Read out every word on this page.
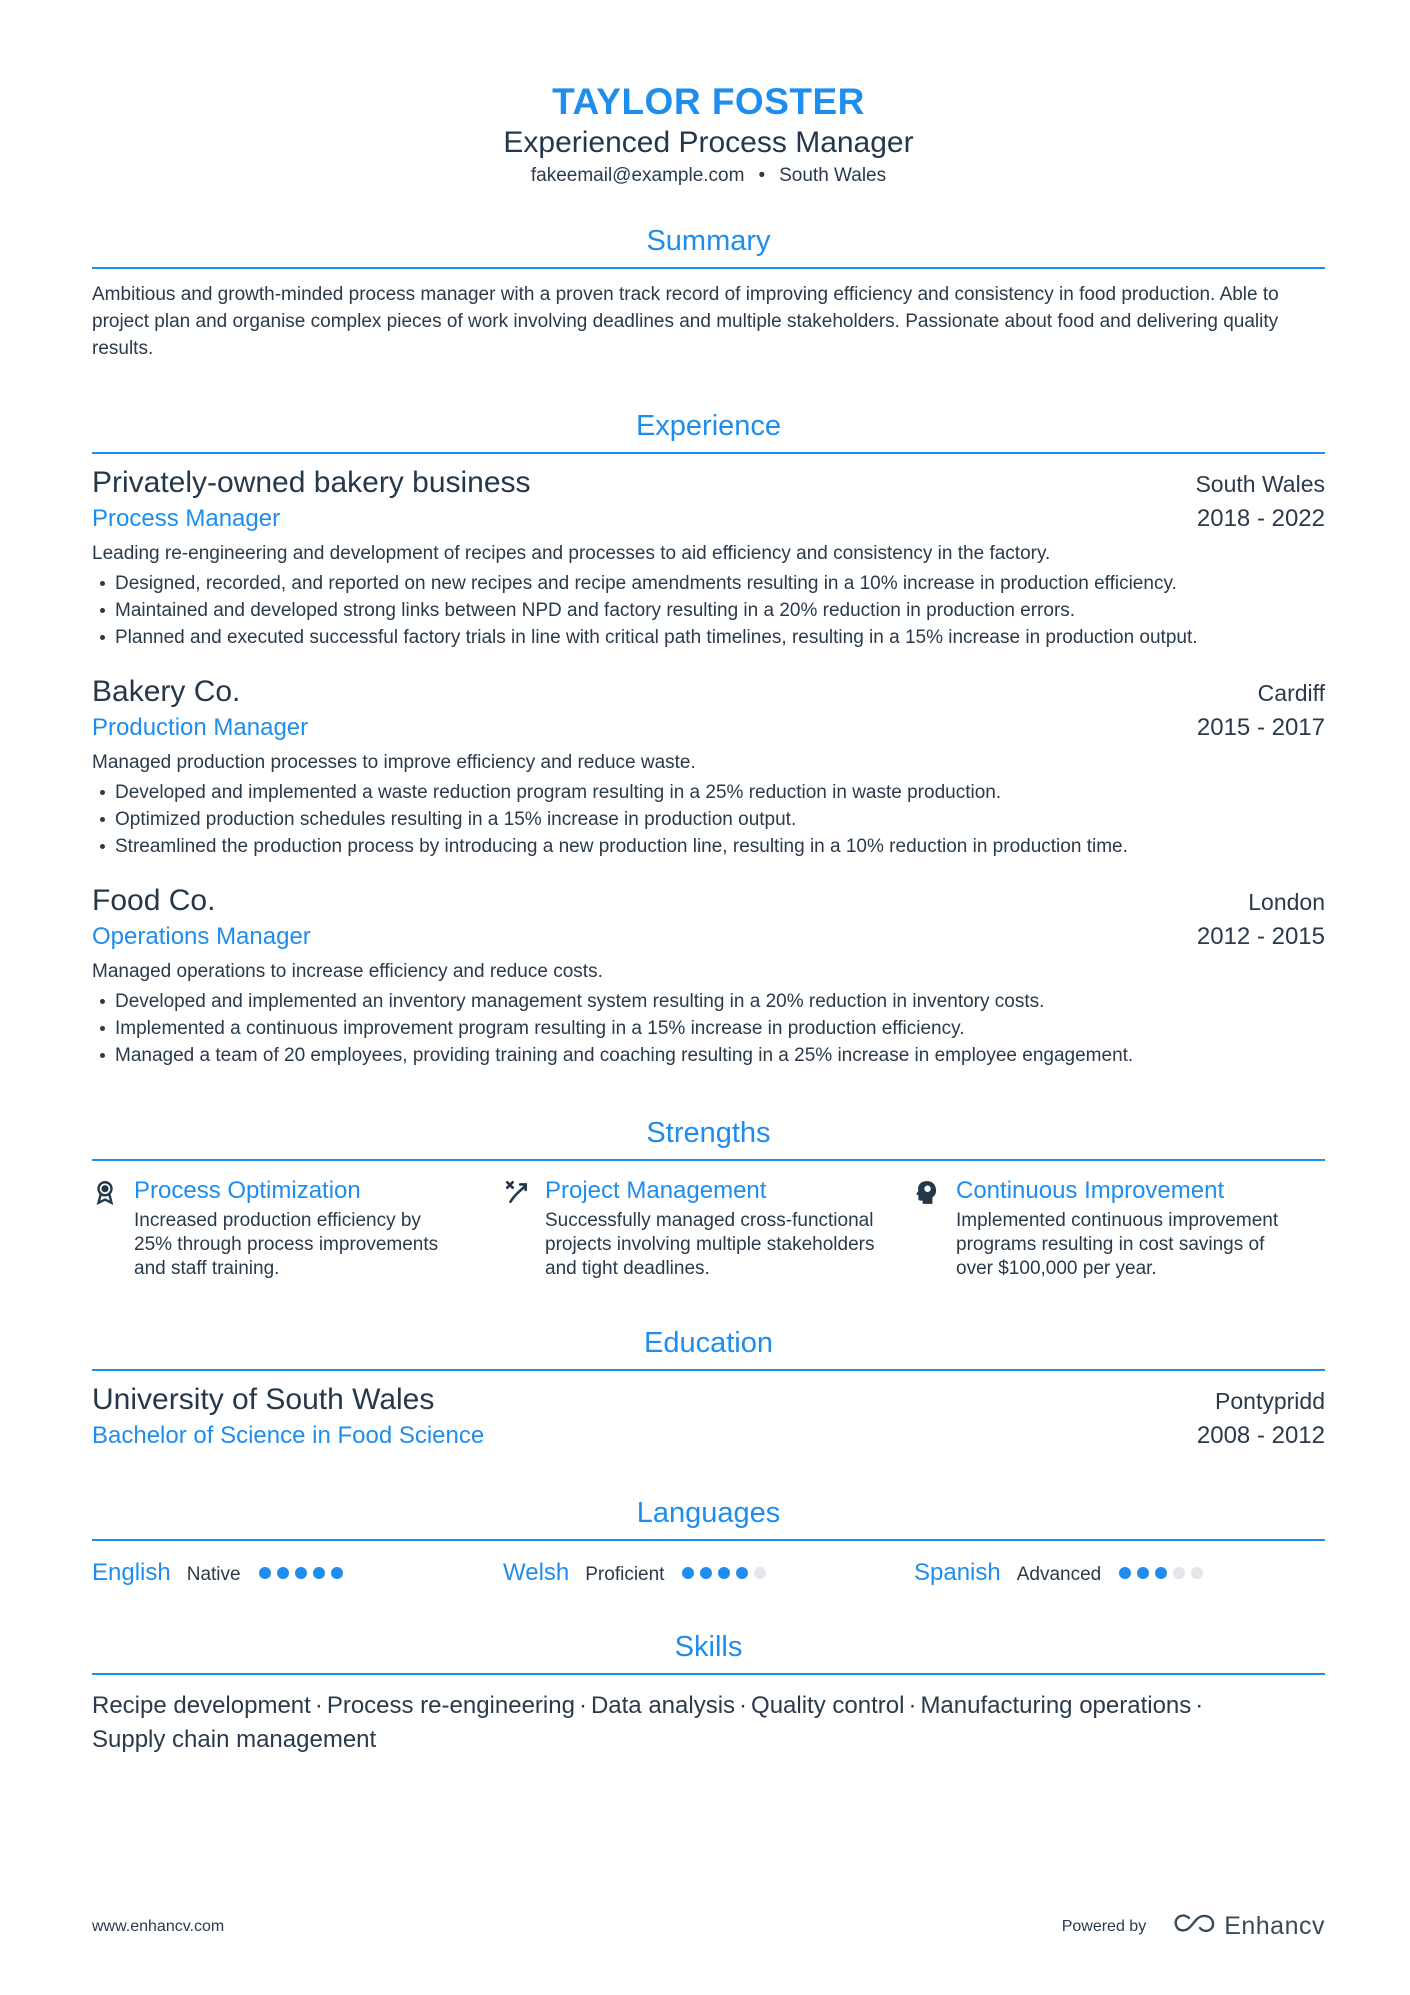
TAYLOR FOSTER
Experienced Process Manager
fakeemail@example.com • South Wales
Summary
Ambitious and growth-minded process manager with a proven track record of improving efficiency and consistency in food production. Able to project plan and organise complex pieces of work involving deadlines and multiple stakeholders. Passionate about food and delivering quality results.
Experience
Privately-owned bakery business	South Wales
Process Manager	2018 - 2022
Leading re-engineering and development of recipes and processes to aid efficiency and consistency in the factory.
Designed, recorded, and reported on new recipes and recipe amendments resulting in a 10% increase in production efficiency.
Maintained and developed strong links between NPD and factory resulting in a 20% reduction in production errors.
Planned and executed successful factory trials in line with critical path timelines, resulting in a 15% increase in production output.
Bakery Co.	Cardiff
Production Manager	2015 - 2017
Managed production processes to improve efficiency and reduce waste.
Developed and implemented a waste reduction program resulting in a 25% reduction in waste production.
Optimized production schedules resulting in a 15% increase in production output.
Streamlined the production process by introducing a new production line, resulting in a 10% reduction in production time.
Food Co.	London
Operations Manager	2012 - 2015
Managed operations to increase efficiency and reduce costs.
Developed and implemented an inventory management system resulting in a 20% reduction in inventory costs.
Implemented a continuous improvement program resulting in a 15% increase in production efficiency.
Managed a team of 20 employees, providing training and coaching resulting in a 25% increase in employee engagement.
Strengths
Process Optimization
Increased production efficiency by 25% through process improvements and staff training.
Project Management
Successfully managed cross-functional projects involving multiple stakeholders and tight deadlines.
Continuous Improvement
Implemented continuous improvement programs resulting in cost savings of over $100,000 per year.
Education
University of South Wales	Pontypridd
Bachelor of Science in Food Science	2008 - 2012
Languages
English Native	Welsh Proficient	Spanish Advanced
Skills
Recipe development · Process re-engineering · Data analysis · Quality control · Manufacturing operations ·
Supply chain management
www.enhancv.com	Powered by	Enhancv
